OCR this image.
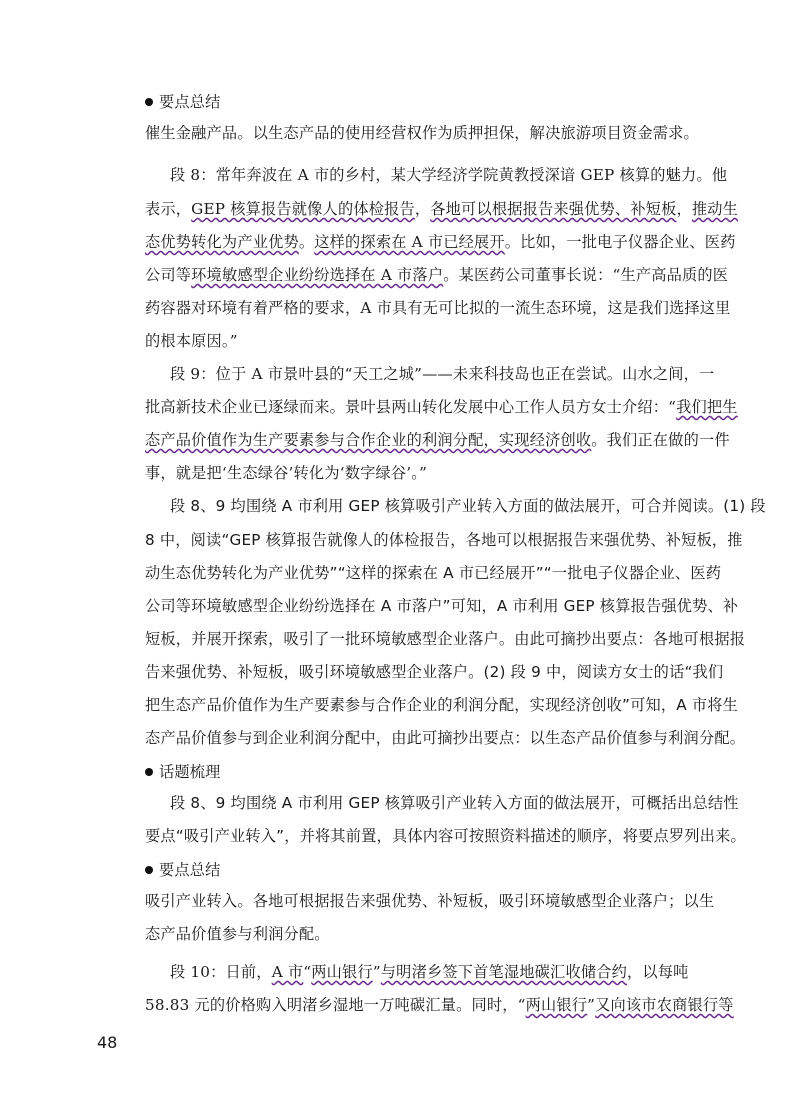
要点总结
催生金融产品。以生态产品的使用经营权作为质押担保，解决旅游项目资金需求。
段 8：常年奔波在 A 市的乡村，某大学经济学院黄教授深谙 GEP 核算的魅力。他
表示，GEP 核算报告就像人的体检报告，各地可以根据报告来强优势、补短板，推动生
态优势转化为产业优势。这样的探索在 A 市已经展开。比如，一批电子仪器企业、医药
公司等环境敏感型企业纷纷选择在 A 市落户。某医药公司董事长说：“生产高品质的医
药容器对环境有着严格的要求，A 市具有无可比拟的一流生态环境，这是我们选择这里
的根本原因。”
段 9：位于 A 市景叶县的“天工之城”——未来科技岛也正在尝试。山水之间，一
批高新技术企业已逐绿而来。景叶县两山转化发展中心工作人员方女士介绍：“我们把生
态产品价值作为生产要素参与合作企业的利润分配，实现经济创收。我们正在做的一件
事，就是把‘生态绿谷’转化为‘数字绿谷’。”
段 8、9 均围绕 A 市利用 GEP 核算吸引产业转入方面的做法展开，可合并阅读。(1) 段
8 中，阅读“GEP 核算报告就像人的体检报告，各地可以根据报告来强优势、补短板，推
动生态优势转化为产业优势”“这样的探索在 A 市已经展开”“一批电子仪器企业、医药
公司等环境敏感型企业纷纷选择在 A 市落户”可知，A 市利用 GEP 核算报告强优势、补
短板，并展开探索，吸引了一批环境敏感型企业落户。由此可摘抄出要点：各地可根据报
告来强优势、补短板，吸引环境敏感型企业落户。(2) 段 9 中，阅读方女士的话“我们
把生态产品价值作为生产要素参与合作企业的利润分配，实现经济创收”可知，A 市将生
态产品价值参与到企业利润分配中，由此可摘抄出要点：以生态产品价值参与利润分配。
话题梳理
段 8、9 均围绕 A 市利用 GEP 核算吸引产业转入方面的做法展开，可概括出总结性
要点“吸引产业转入”，并将其前置，具体内容可按照资料描述的顺序，将要点罗列出来。
要点总结
吸引产业转入。各地可根据报告来强优势、补短板，吸引环境敏感型企业落户；以生
态产品价值参与利润分配。
段 10：日前，A 市“两山银行”与明渚乡签下首笔湿地碳汇收储合约，以每吨
58.83 元的价格购入明渚乡湿地一万吨碳汇量。同时，“两山银行”又向该市农商银行等
48
